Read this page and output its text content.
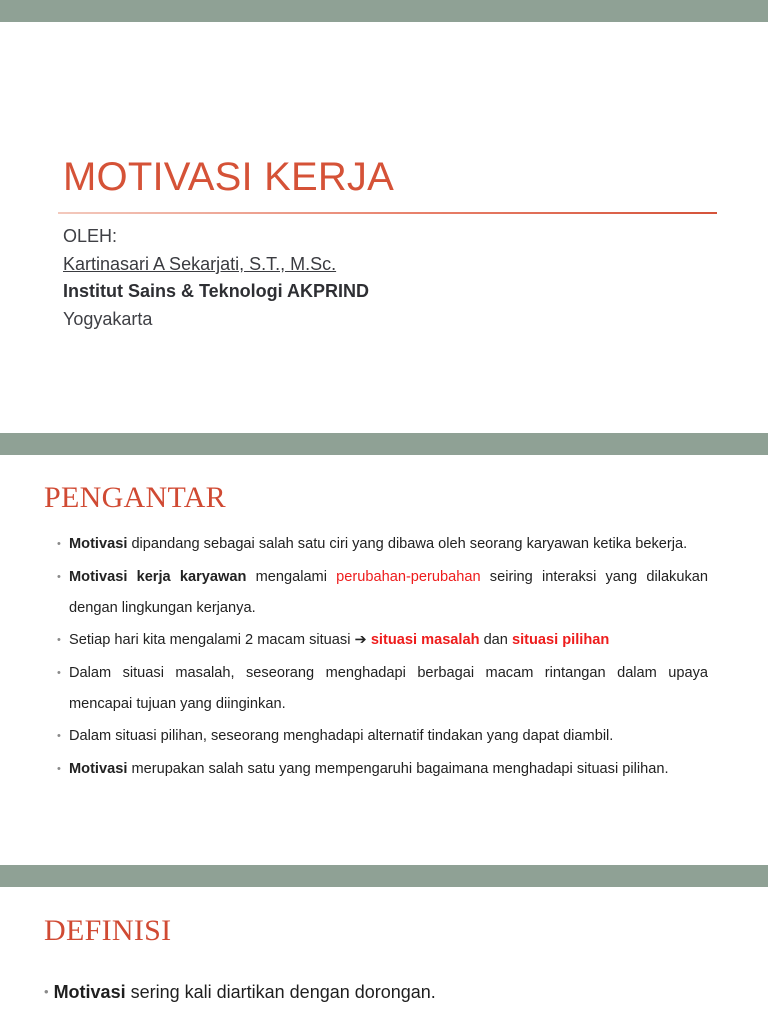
MOTIVASI KERJA
OLEH:
Kartinasari A Sekarjati, S.T., M.Sc.
Institut Sains & Teknologi AKPRIND
Yogyakarta
PENGANTAR
• Motivasi dipandang sebagai salah satu ciri yang dibawa oleh seorang karyawan ketika bekerja.
• Motivasi kerja karyawan mengalami perubahan-perubahan seiring interaksi yang dilakukan dengan lingkungan kerjanya.
• Setiap hari kita mengalami 2 macam situasi ➔ situasi masalah dan situasi pilihan
• Dalam situasi masalah, seseorang menghadapi berbagai macam rintangan dalam upaya mencapai tujuan yang diinginkan.
• Dalam situasi pilihan, seseorang menghadapi alternatif tindakan yang dapat diambil.
• Motivasi merupakan salah satu yang mempengaruhi bagaimana menghadapi situasi pilihan.
DEFINISI
• Motivasi sering kali diartikan dengan dorongan.
